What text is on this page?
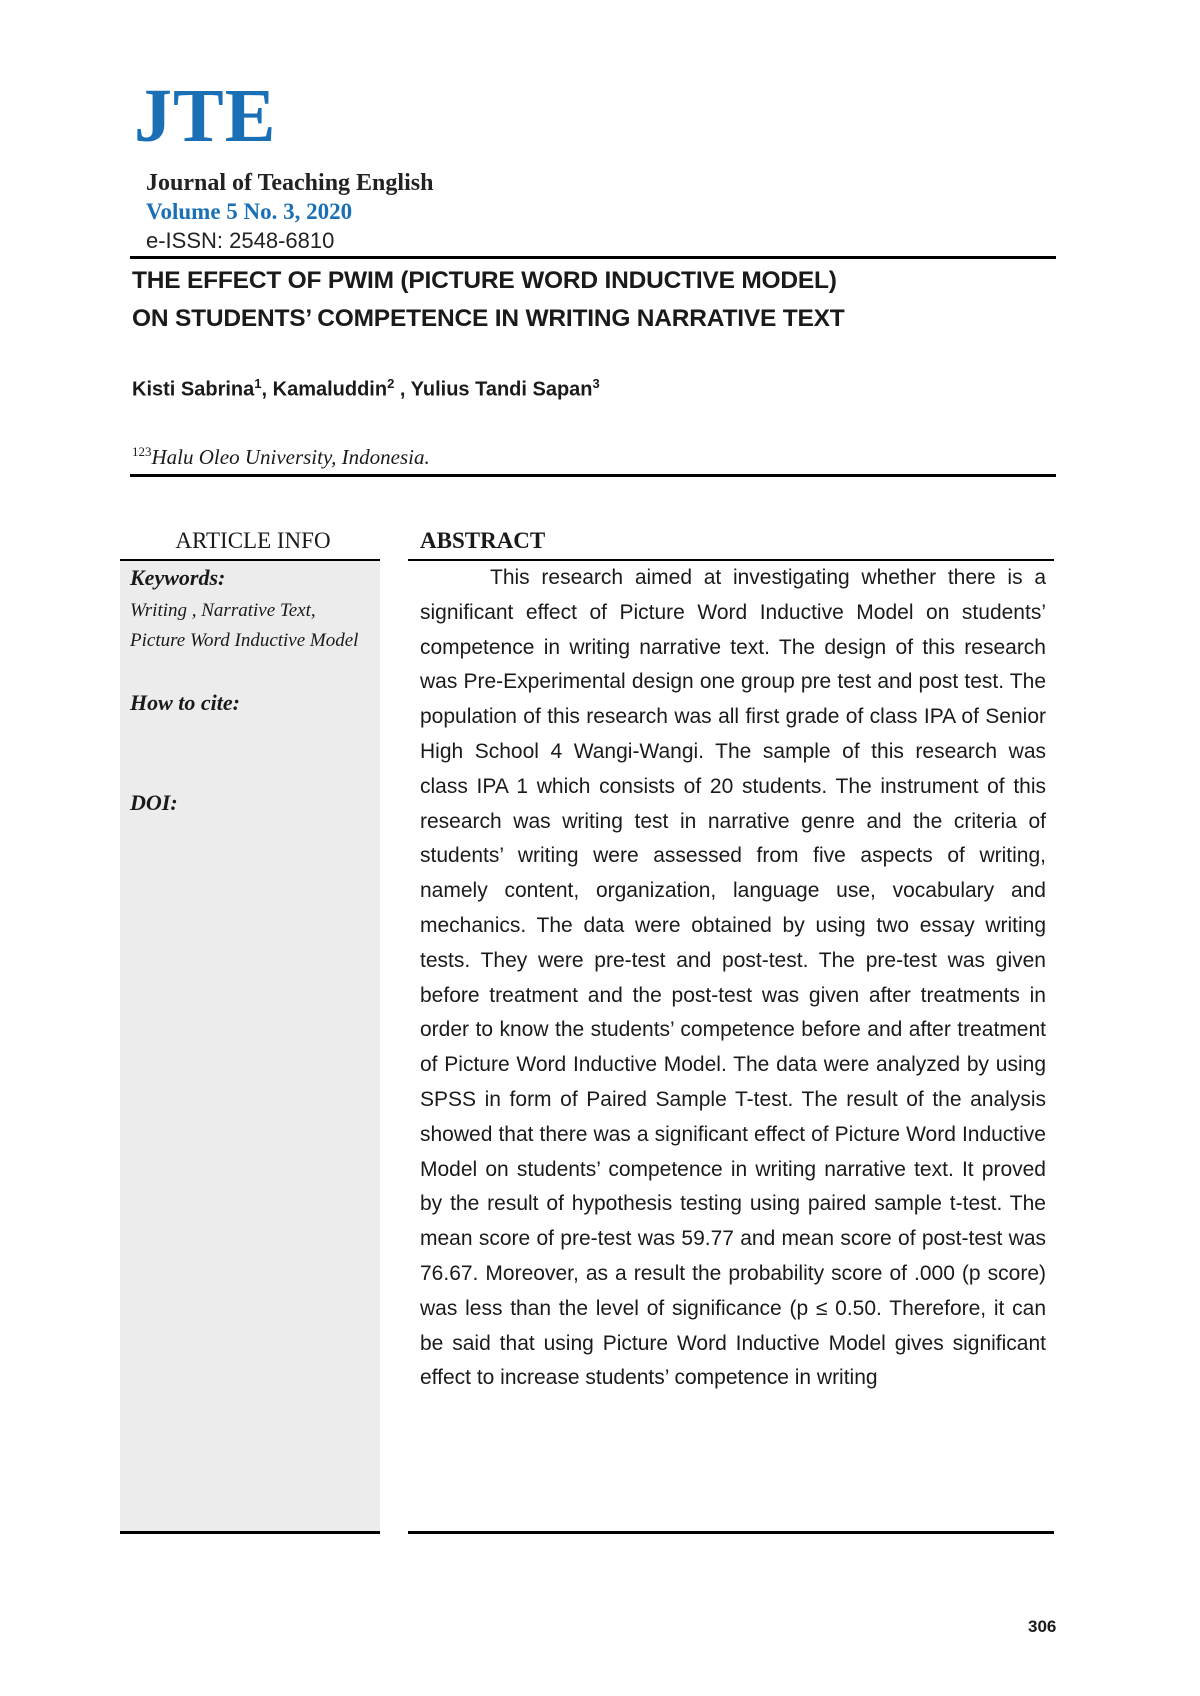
JTE
Journal of Teaching English
Volume 5 No. 3, 2020
e-ISSN: 2548-6810
THE EFFECT OF PWIM (PICTURE WORD INDUCTIVE MODEL)
ON STUDENTS’ COMPETENCE IN WRITING NARRATIVE TEXT
Kisti Sabrina$^1$, Kamaluddin$^2$ , Yulius Tandi Sapan$^3$
$^{123}$Halu Oleo University, Indonesia.
ARTICLE INFO	ABSTRACT
Keywords:
Writing , Narrative Text, Picture Word Inductive Model
How to cite:
DOI:

This research aimed at investigating whether there is a significant effect of Picture Word Inductive Model on students’ competence in writing narrative text. The design of this research was Pre-Experimental design one group pre test and post test. The population of this research was all first grade of class IPA of Senior High School 4 Wangi-Wangi. The sample of this research was class IPA 1 which consists of 20 students. The instrument of this research was writing test in narrative genre and the criteria of students’ writing were assessed from five aspects of writing, namely content, organization, language use, vocabulary and mechanics. The data were obtained by using two essay writing tests. They were pre-test and post-test. The pre-test was given before treatment and the post-test was given after treatments in order to know the students’ competence before and after treatment of Picture Word Inductive Model. The data were analyzed by using SPSS in form of Paired Sample T-test. The result of the analysis showed that there was a significant effect of Picture Word Inductive Model on students’ competence in writing narrative text. It proved by the result of hypothesis testing using paired sample t-test. The mean score of pre-test was 59.77 and mean score of post-test was 76.67. Moreover, as a result the probability score of .000 (p score) was less than the level of significance (p ≤ 0.50. Therefore, it can be said that using Picture Word Inductive Model gives significant effect to increase students’ competence in writing

306
